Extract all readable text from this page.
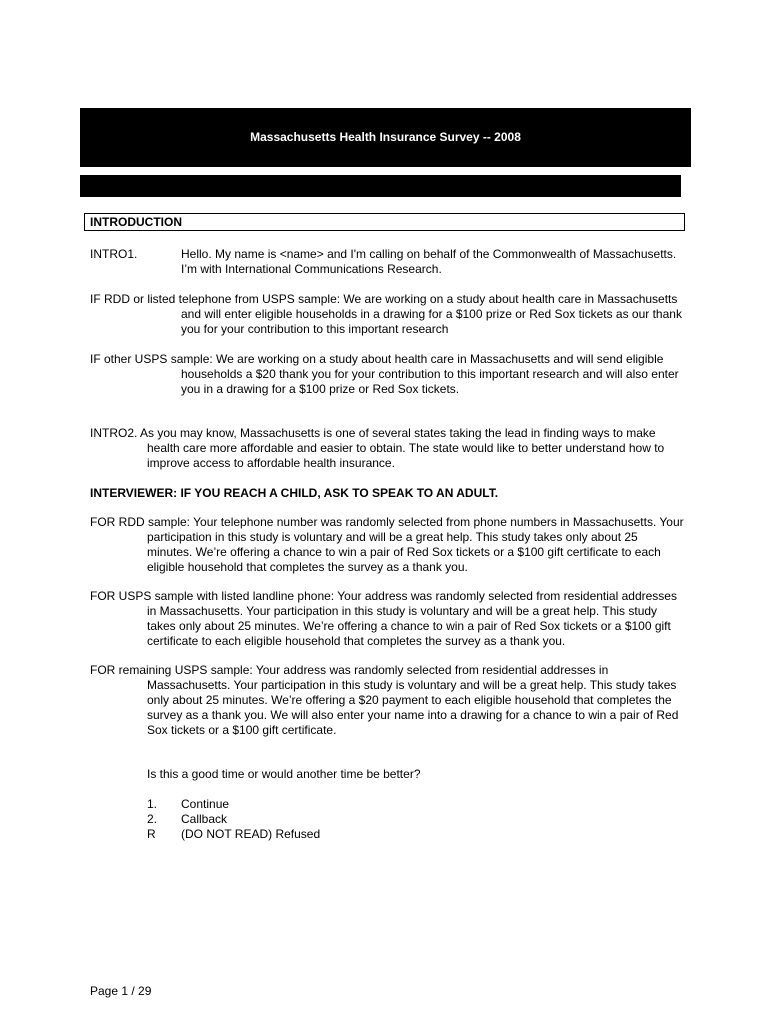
Massachusetts Health Insurance Survey -- 2008
INTRODUCTION
INTRO1.	Hello. My name is <name> and I'm calling on behalf of the Commonwealth of Massachusetts. I’m with International Communications Research.

IF RDD or listed telephone from USPS sample: We are working on a study about health care in Massachusetts and will enter eligible households in a drawing for a $100 prize or Red Sox tickets as our thank you for your contribution to this important research

IF other USPS sample: We are working on a study about health care in Massachusetts and will send eligible households a $20 thank you for your contribution to this important research and will also enter you in a drawing for a $100 prize or Red Sox tickets.

INTRO2. As you may know, Massachusetts is one of several states taking the lead in finding ways to make health care more affordable and easier to obtain. The state would like to better understand how to improve access to affordable health insurance.

INTERVIEWER: IF YOU REACH A CHILD, ASK TO SPEAK TO AN ADULT.

FOR RDD sample: Your telephone number was randomly selected from phone numbers in Massachusetts. Your participation in this study is voluntary and will be a great help. This study takes only about 25 minutes. We’re offering a chance to win a pair of Red Sox tickets or a $100 gift certificate to each eligible household that completes the survey as a thank you.

FOR USPS sample with listed landline phone: Your address was randomly selected from residential addresses in Massachusetts. Your participation in this study is voluntary and will be a great help. This study takes only about 25 minutes. We’re offering a chance to win a pair of Red Sox tickets or a $100 gift certificate to each eligible household that completes the survey as a thank you.

FOR remaining USPS sample: Your address was randomly selected from residential addresses in Massachusetts. Your participation in this study is voluntary and will be a great help. This study takes only about 25 minutes. We’re offering a $20 payment to each eligible household that completes the survey as a thank you. We will also enter your name into a drawing for a chance to win a pair of Red Sox tickets or a $100 gift certificate.

Is this a good time or would another time be better?

1.	Continue
2.	Callback
R	(DO NOT READ) Refused
Page 1 / 29
